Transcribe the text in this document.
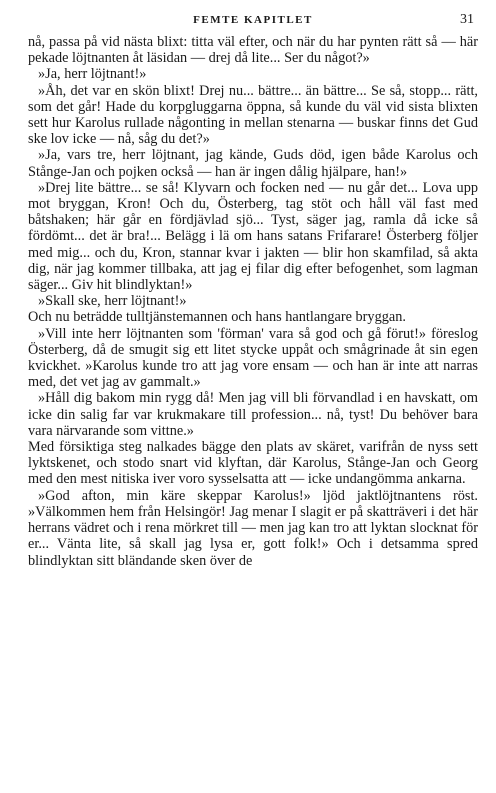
FEMTE KAPITLET	31

nå, passa på vid nästa blixt: titta väl efter, och när du har pynten rätt så — här pekade löjtnanten åt läsidan — drej då lite... Ser du något?»

»Ja, herr löjtnant!»

»Åh, det var en skön blixt! Drej nu... bättre... än bättre... Se så, stopp... rätt, som det går! Hade du korpgluggarna öppna, så kunde du väl vid sista blixten sett hur Karolus rullade någonting in mellan stenarna — buskar finns det Gud ske lov icke — nå, såg du det?»

»Ja, vars tre, herr löjtnant, jag kände, Guds död, igen både Karolus och Stånge-Jan och pojken också — han är ingen dålig hjälpare, han!»

»Drej lite bättre... se så! Klyvarn och focken ned — nu går det... Lova upp mot bryggan, Kron! Och du, Österberg, tag stöt och håll väl fast med båtshaken; här går en fördjävlad sjö... Tyst, säger jag, ramla då icke så fördömt... det är bra!... Belägg i lä om hans satans Frifarare! Österberg följer med mig... och du, Kron, stannar kvar i jakten — blir hon skamfilad, så akta dig, när jag kommer tillbaka, att jag ej filar dig efter befogenhet, som lagman säger... Giv hit blindlyktan!»

»Skall ske, herr löjtnant!»

Och nu beträdde tulltjänstemannen och hans hantlangare bryggan.

»Vill inte herr löjtnanten som 'förman' vara så god och gå förut!» föreslog Österberg, då de smugit sig ett litet stycke uppåt och smågrinade åt sin egen kvickhet. »Karolus kunde tro att jag vore ensam — och han är inte att narras med, det vet jag av gammalt.»

»Håll dig bakom min rygg då! Men jag vill bli förvandlad i en havskatt, om icke din salig far var krukmakare till profession... nå, tyst! Du behöver bara vara närvarande som vittne.»

Med försiktiga steg nalkades bägge den plats av skäret, varifrån de nyss sett lyktskenet, och stodo snart vid klyftan, där Karolus, Stånge-Jan och Georg med den mest nitiska iver voro sysselsatta att — icke undangömma ankarna.

»God afton, min käre skeppar Karolus!» ljöd jaktlöjtnantens röst. »Välkommen hem från Helsingör! Jag menar I slagit er på skatträveri i det här herrans vädret och i rena mörkret till — men jag kan tro att lyktan slocknat för er... Vänta lite, så skall jag lysa er, gott folk!» Och i detsamma spred blindlyktan sitt bländande sken över de
